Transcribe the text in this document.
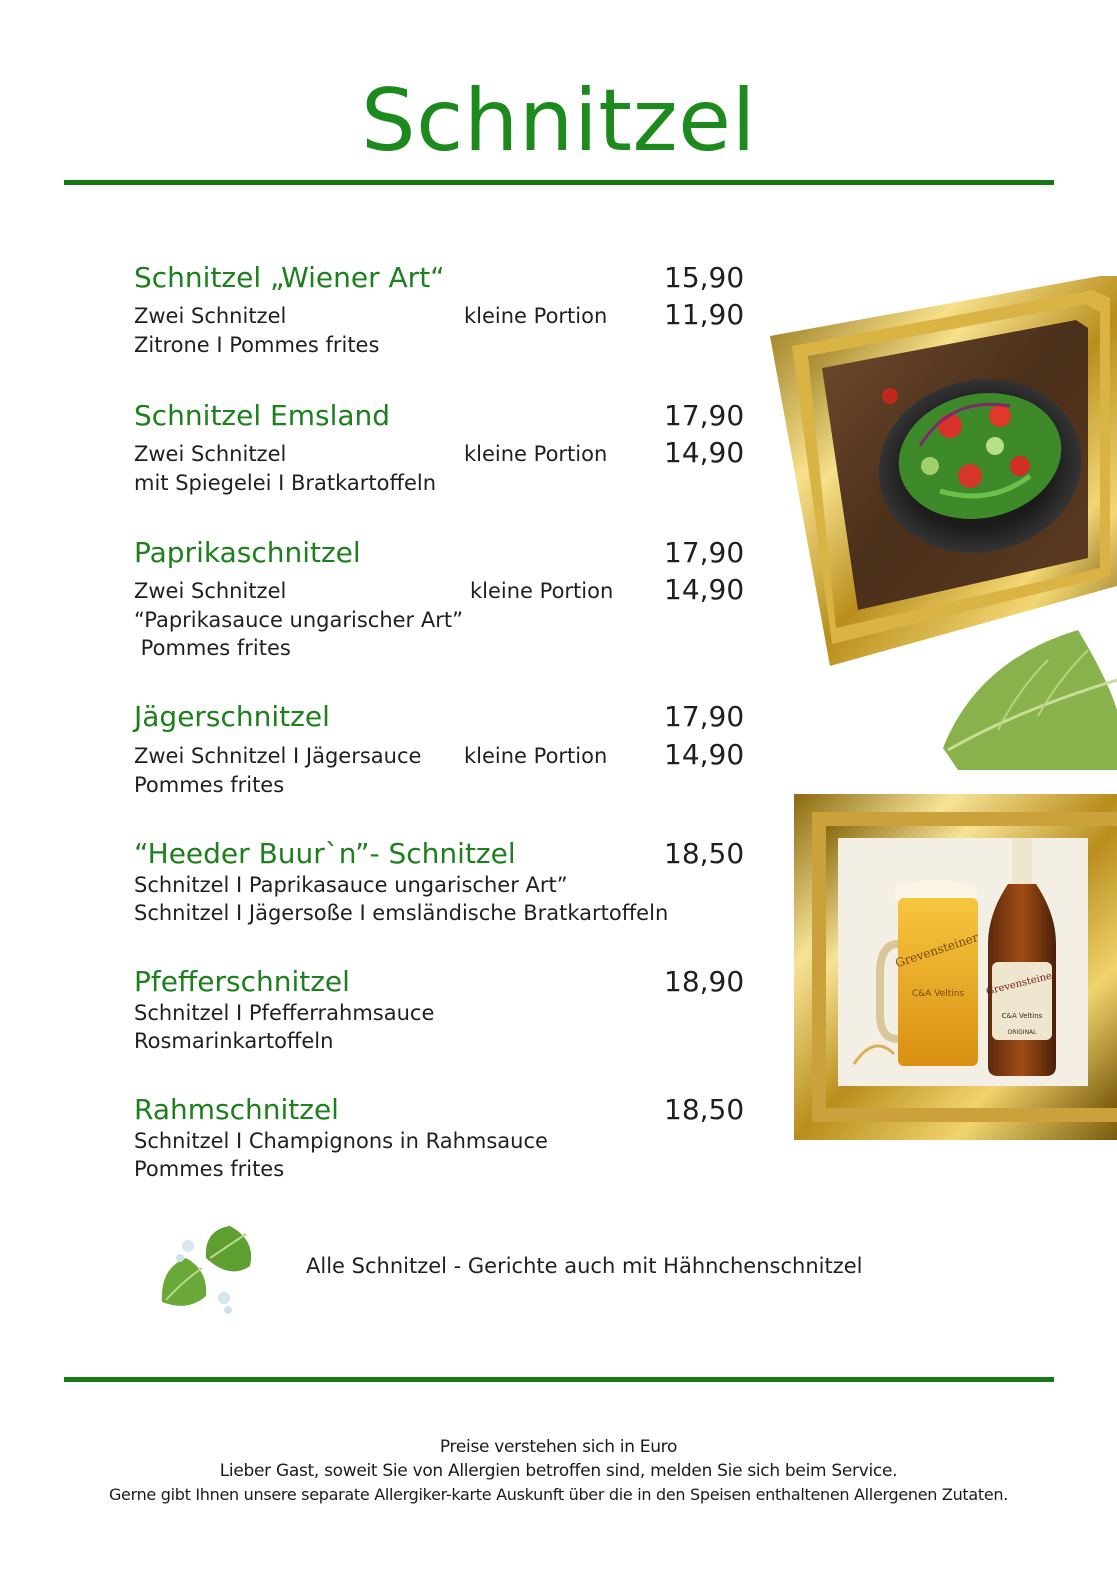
Schnitzel
Schnitzel „Wiener Art“	15,90
Zwei Schnitzel	kleine Portion 11,90
Zitrone I Pommes frites
Schnitzel Emsland	17,90
Zwei Schnitzel	kleine Portion 14,90
mit Spiegelei I Bratkartoffeln
Paprikaschnitzel	17,90
Zwei Schnitzel	kleine Portion 14,90
“Paprikasauce ungarischer Art”
Pommes frites
Jägerschnitzel	17,90
Zwei Schnitzel I Jägersauce kleine Portion 14,90
Pommes frites
“Heeder Buur`n”- Schnitzel	18,50
Schnitzel I Paprikasauce ungarischer Art”
Schnitzel I Jägersoße I emsländische Bratkartoffeln
Pfefferschnitzel	18,90
Schnitzel I Pfefferrahmsauce
Rosmarinkartoffeln
Rahmschnitzel	18,50
Schnitzel I Champignons in Rahmsauce
Pommes frites
Grevensteiner
C&A Veltins Grevensteiner
C&A Veltins
ORIGINAL
Alle Schnitzel - Gerichte auch mit Hähnchenschnitzel
Preise verstehen sich in Euro
Lieber Gast, soweit Sie von Allergien betroffen sind, melden Sie sich beim Service.
Gerne gibt Ihnen unsere separate Allergiker-karte Auskunft über die in den Speisen enthaltenen Allergenen Zutaten.
